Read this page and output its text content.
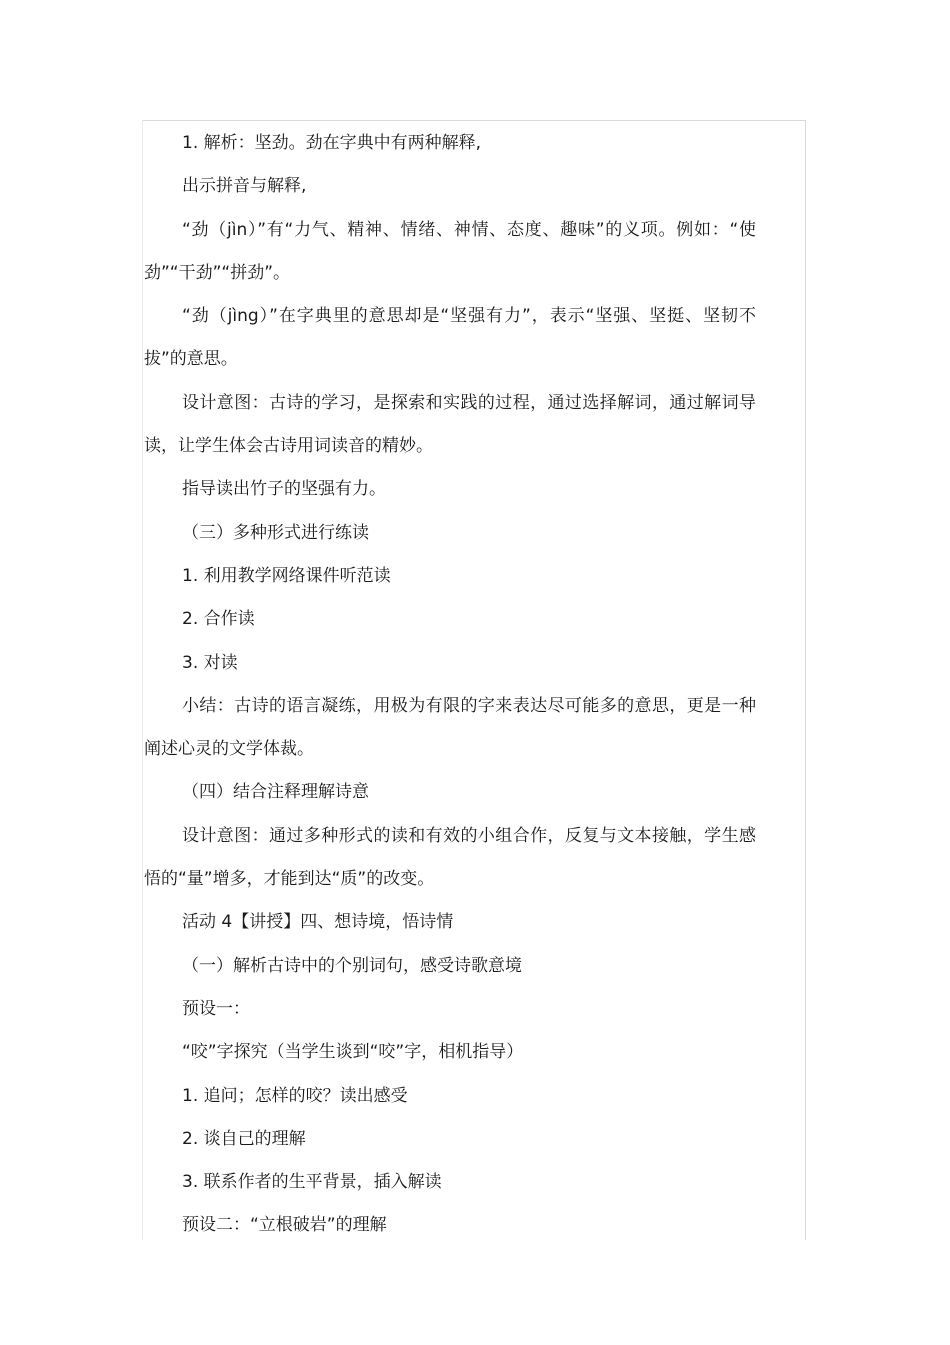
1. 解析：坚劲。劲在字典中有两种解释,

出示拼音与解释,

“劲（jìn）”有“力气、精神、情绪、神情、态度、趣味”的义项。例如：“使劲”“干劲”“拼劲”。

“劲（jìng）”在字典里的意思却是“坚强有力”，表示“坚强、坚挺、坚韧不拔”的意思。

设计意图：古诗的学习，是探索和实践的过程，通过选择解词，通过解词导读，让学生体会古诗用词读音的精妙。

指导读出竹子的坚强有力。

（三）多种形式进行练读

1. 利用教学网络课件听范读

2. 合作读

3. 对读

小结：古诗的语言凝练，用极为有限的字来表达尽可能多的意思，更是一种阐述心灵的文学体裁。

（四）结合注释理解诗意

设计意图：通过多种形式的读和有效的小组合作，反复与文本接触，学生感悟的“量”增多，才能到达“质”的改变。

活动 4【讲授】四、想诗境，悟诗情

（一）解析古诗中的个别词句，感受诗歌意境

预设一：

“咬”字探究（当学生谈到“咬”字，相机指导）

1. 追问；怎样的咬？读出感受

2. 谈自己的理解

3. 联系作者的生平背景，插入解读

预设二：“立根破岩”的理解
